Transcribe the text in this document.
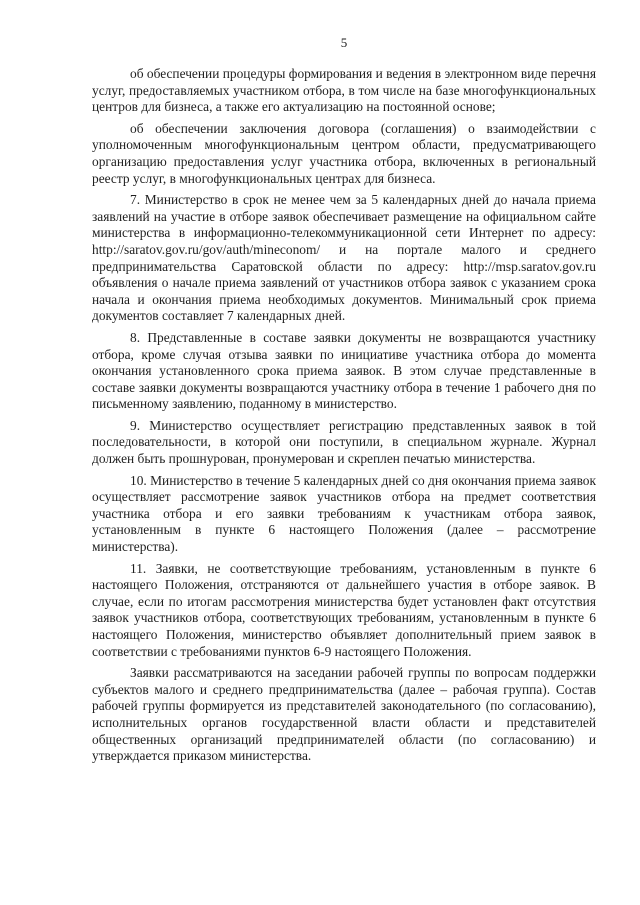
5

об обеспечении процедуры формирования и ведения в электронном виде перечня услуг, предоставляемых участником отбора, в том числе на базе многофункциональных центров для бизнеса, а также его актуализацию на постоянной основе;

об обеспечении заключения договора (соглашения) о взаимодействии с уполномоченным многофункциональным центром области, предусматривающего организацию предоставления услуг участника отбора, включенных в региональный реестр услуг, в многофункциональных центрах для бизнеса.

7. Министерство в срок не менее чем за 5 календарных дней до начала приема заявлений на участие в отборе заявок обеспечивает размещение на официальном сайте министерства в информационно-телекоммуникационной сети Интернет по адресу: http://saratov.gov.ru/gov/auth/mineconom/ и на портале малого и среднего предпринимательства Саратовской области по адресу: http://msp.saratov.gov.ru объявления о начале приема заявлений от участников отбора заявок с указанием срока начала и окончания приема необходимых документов. Минимальный срок приема документов составляет 7 календарных дней.

8. Представленные в составе заявки документы не возвращаются участнику отбора, кроме случая отзыва заявки по инициативе участника отбора до момента окончания установленного срока приема заявок. В этом случае представленные в составе заявки документы возвращаются участнику отбора в течение 1 рабочего дня по письменному заявлению, поданному в министерство.

9. Министерство осуществляет регистрацию представленных заявок в той последовательности, в которой они поступили, в специальном журнале. Журнал должен быть прошнурован, пронумерован и скреплен печатью министерства.

10. Министерство в течение 5 календарных дней со дня окончания приема заявок осуществляет рассмотрение заявок участников отбора на предмет соответствия участника отбора и его заявки требованиям к участникам отбора заявок, установленным в пункте 6 настоящего Положения (далее – рассмотрение министерства).

11. Заявки, не соответствующие требованиям, установленным в пункте 6 настоящего Положения, отстраняются от дальнейшего участия в отборе заявок. В случае, если по итогам рассмотрения министерства будет установлен факт отсутствия заявок участников отбора, соответствующих требованиям, установленным в пункте 6 настоящего Положения, министерство объявляет дополнительный прием заявок в соответствии с требованиями пунктов 6-9 настоящего Положения.

Заявки рассматриваются на заседании рабочей группы по вопросам поддержки субъектов малого и среднего предпринимательства (далее – рабочая группа). Состав рабочей группы формируется из представителей законодательного (по согласованию), исполнительных органов государственной власти области и представителей общественных организаций предпринимателей области (по согласованию) и утверждается приказом министерства.
